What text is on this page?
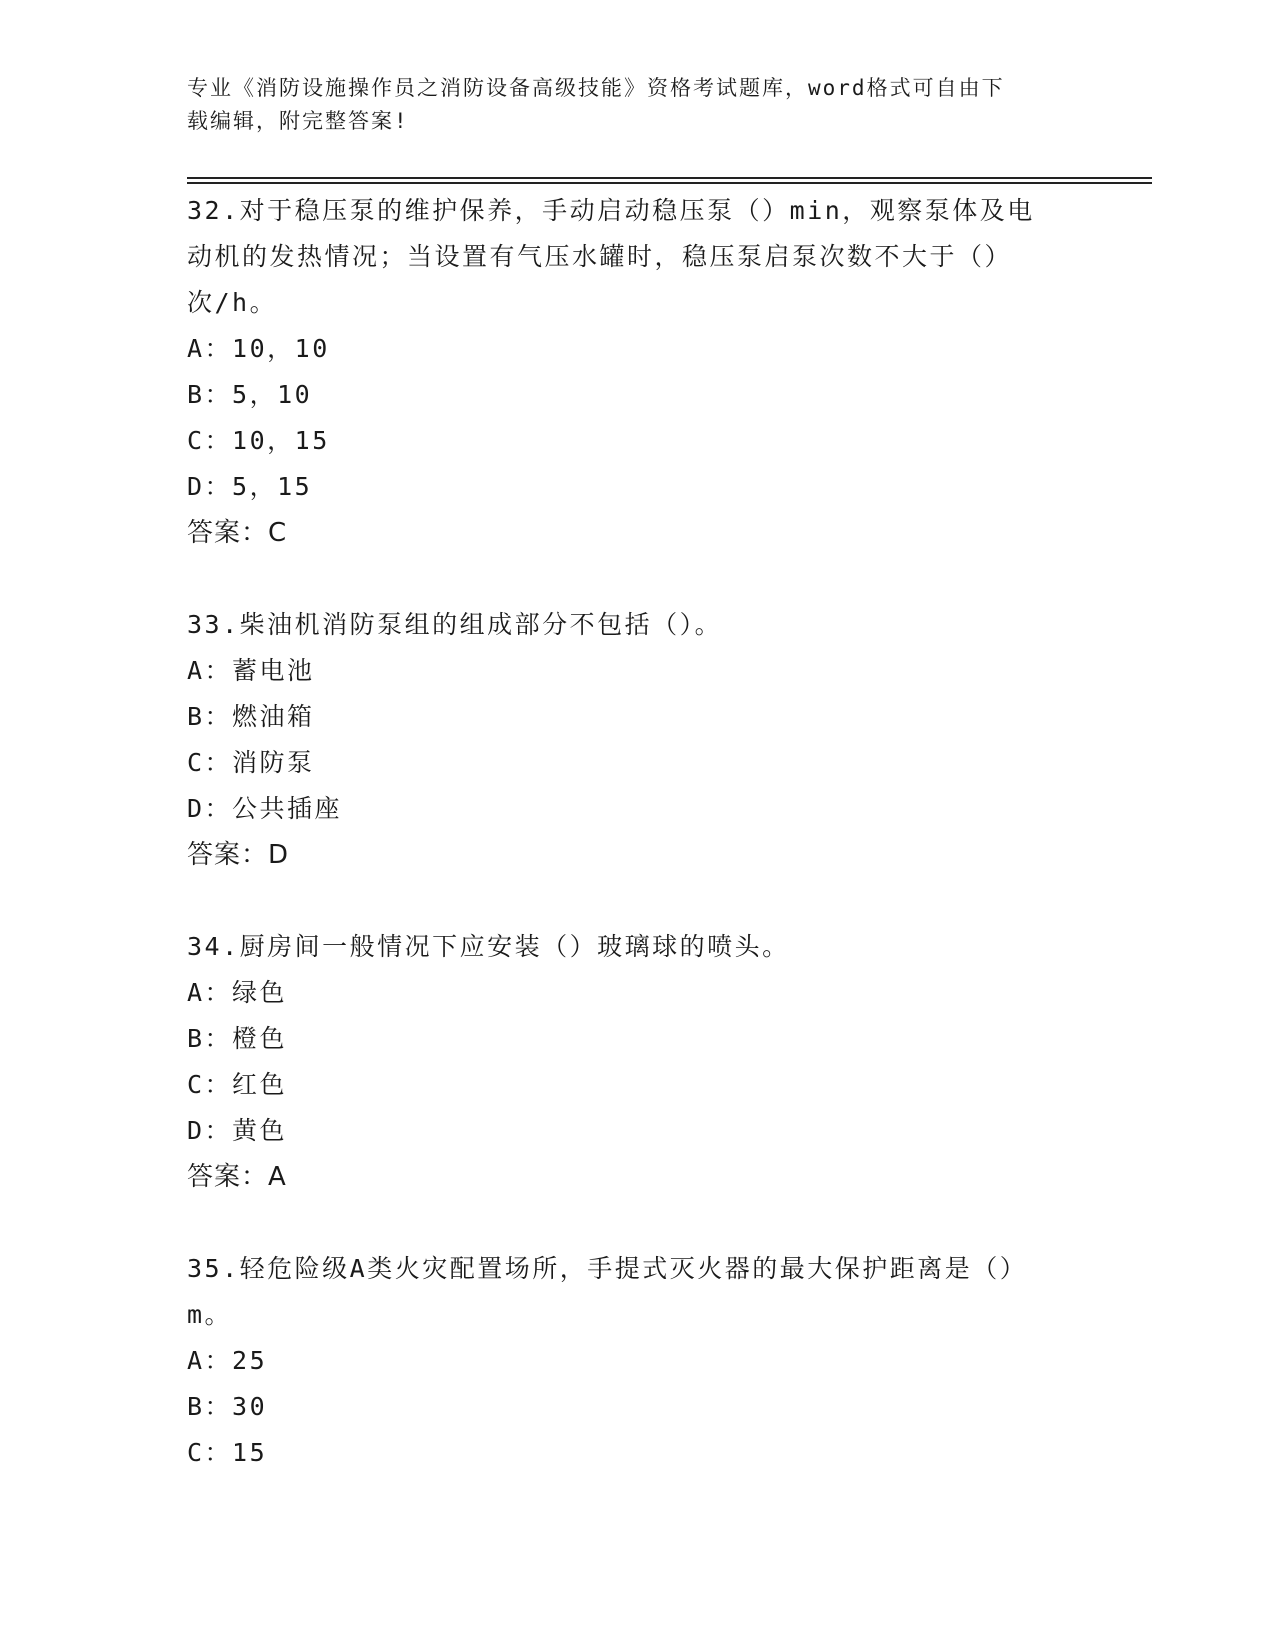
专业《消防设施操作员之消防设备高级技能》资格考试题库，word格式可自由下
载编辑，附完整答案!
32.对于稳压泵的维护保养，手动启动稳压泵（）min，观察泵体及电动机的发热情况；当设置有气压水罐时，稳压泵启泵次数不大于（）次/h。
A：10，10
B：5，10
C：10，15
D：5，15
答案：C
33.柴油机消防泵组的组成部分不包括（）。
A：蓄电池
B：燃油箱
C：消防泵
D：公共插座
答案：D
34.厨房间一般情况下应安装（）玻璃球的喷头。
A：绿色
B：橙色
C：红色
D：黄色
答案：A
35.轻危险级A类火灾配置场所，手提式灭火器的最大保护距离是（）m。
A：25
B：30
C：15
